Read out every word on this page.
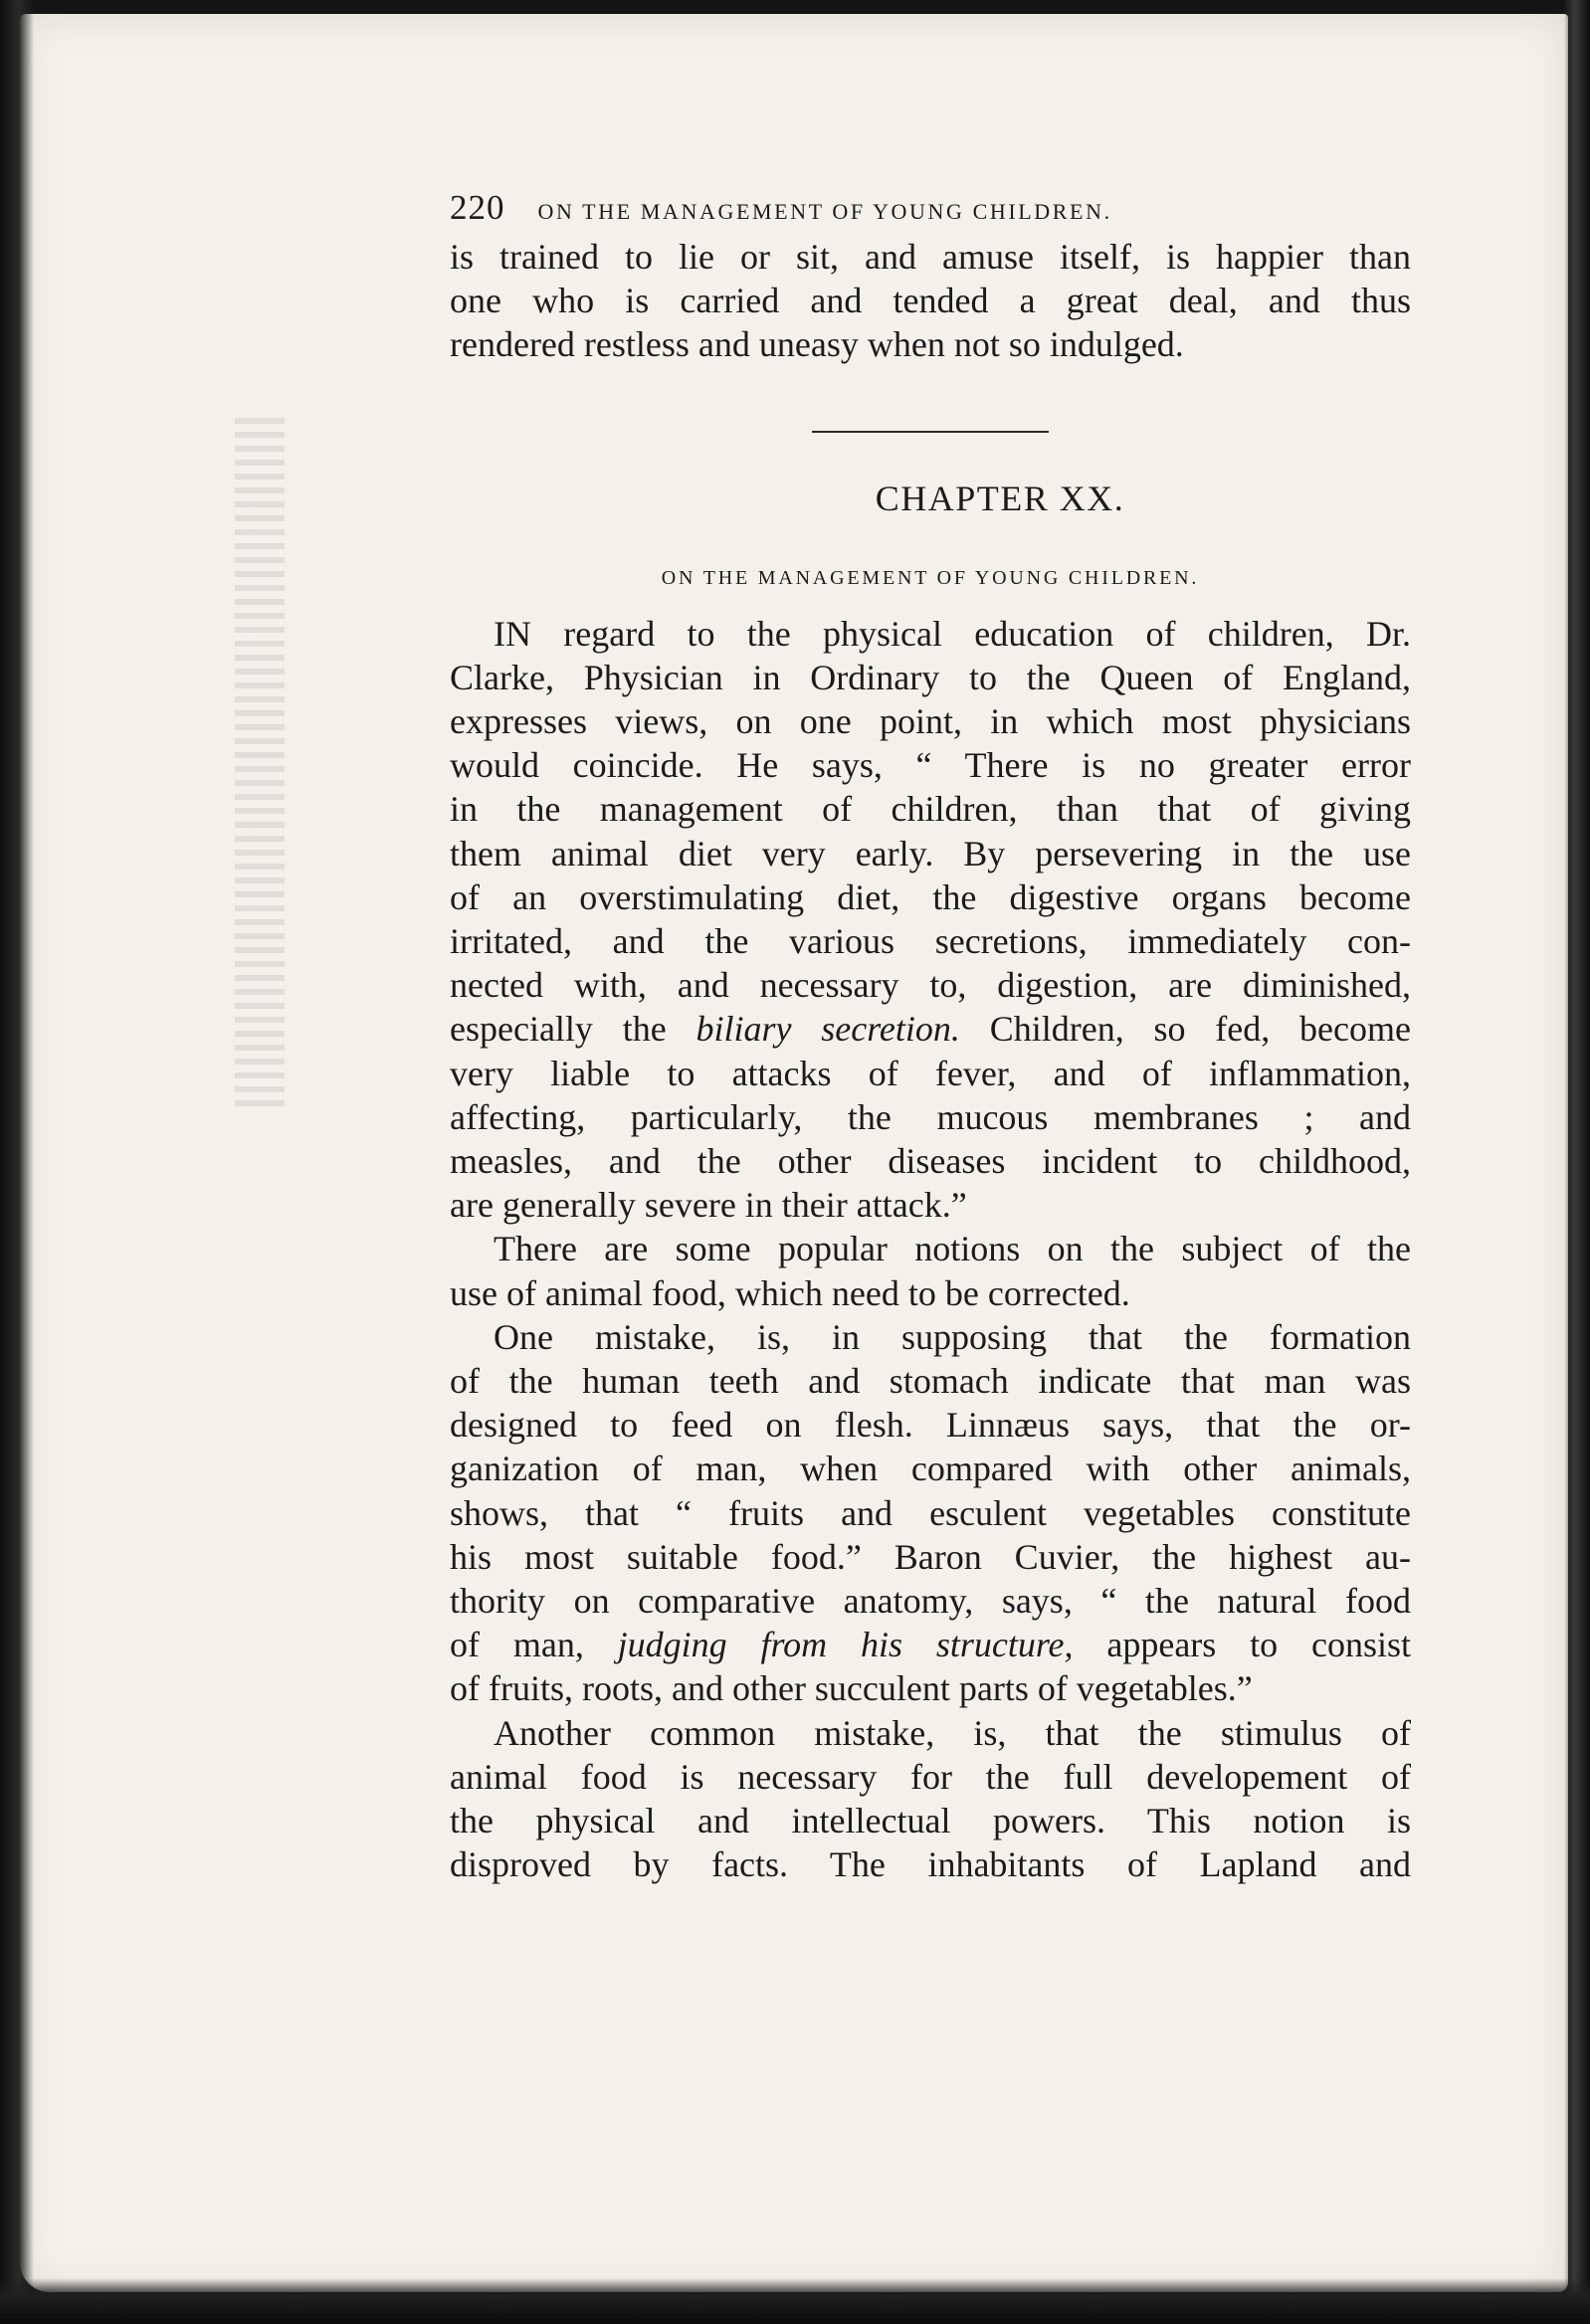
220 ON THE MANAGEMENT OF YOUNG CHILDREN.
is trained to lie or sit, and amuse itself, is happier than
one who is carried and tended a great deal, and thus
rendered restless and uneasy when not so indulged.
CHAPTER XX.
ON THE MANAGEMENT OF YOUNG CHILDREN.
IN regard to the physical education of children, Dr.
Clarke, Physician in Ordinary to the Queen of England,
expresses views, on one point, in which most physicians
would coincide. He says, “ There is no greater error
in the management of children, than that of giving
them animal diet very early. By persevering in the use
of an overstimulating diet, the digestive organs become
irritated, and the various secretions, immediately con-
nected with, and necessary to, digestion, are diminished,
especially the biliary secretion. Children, so fed, become
very liable to attacks of fever, and of inflammation,
affecting, particularly, the mucous membranes ; and
measles, and the other diseases incident to childhood,
are generally severe in their attack.”
There are some popular notions on the subject of the
use of animal food, which need to be corrected.
One mistake, is, in supposing that the formation
of the human teeth and stomach indicate that man was
designed to feed on flesh. Linnæus says, that the or-
ganization of man, when compared with other animals,
shows, that “ fruits and esculent vegetables constitute
his most suitable food.” Baron Cuvier, the highest au-
thority on comparative anatomy, says, “ the natural food
of man, judging from his structure, appears to consist
of fruits, roots, and other succulent parts of vegetables.”
Another common mistake, is, that the stimulus of
animal food is necessary for the full developement of
the physical and intellectual powers. This notion is
disproved by facts. The inhabitants of Lapland and
